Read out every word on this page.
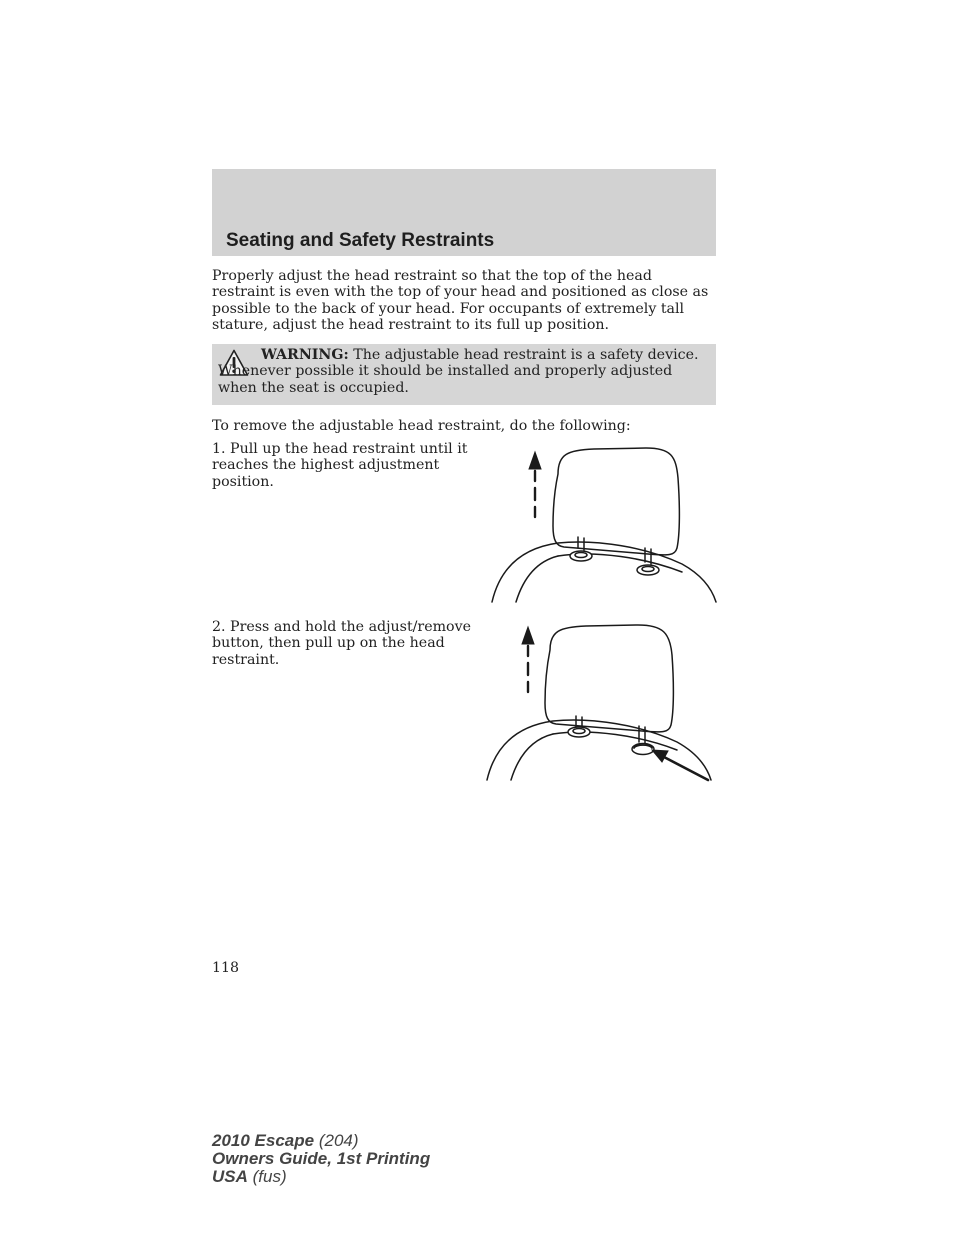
Seating and Safety Restraints

Properly adjust the head restraint so that the top of the head restraint is even with the top of your head and positioned as close as possible to the back of your head. For occupants of extremely tall stature, adjust the head restraint to its full up position.

WARNING: The adjustable head restraint is a safety device. Whenever possible it should be installed and properly adjusted when the seat is occupied.

To remove the adjustable head restraint, do the following:

1. Pull up the head restraint until it reaches the highest adjustment position.

2. Press and hold the adjust/remove button, then pull up on the head restraint.

118
2010 Escape (204)
Owners Guide, 1st Printing
USA (fus)
